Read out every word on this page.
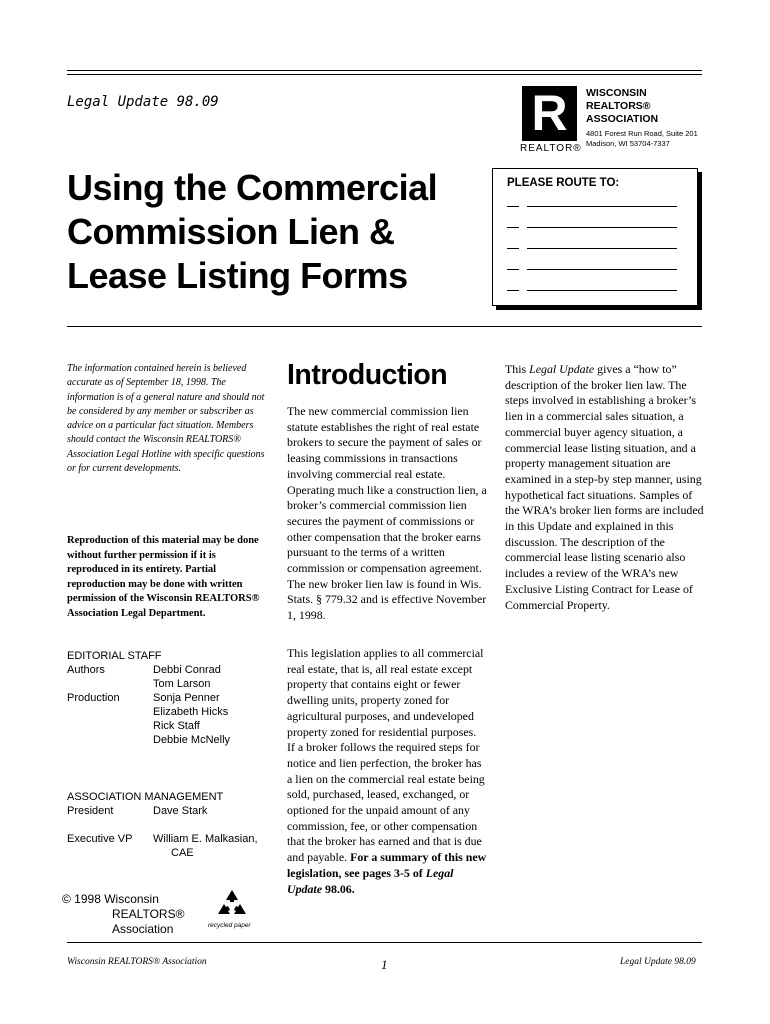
Legal Update 98.09	R
REALTOR®
WISCONSIN
REALTORS®
ASSOCIATION
4801 Forest Run Road, Suite 201
Madison, WI 53704-7337
Using the Commercial
Commission Lien &
Lease Listing Forms
PLEASE ROUTE TO:
The information contained herein is believed accurate as of September 18, 1998. The information is of a general nature and should not be considered by any member or subscriber as advice on a particular fact situation. Members should contact the Wisconsin REALTORS® Association Legal Hotline with specific questions or for current developments.
Reproduction of this material may be done without further permission if it is reproduced in its entirety. Partial reproduction may be done with written permission of the Wisconsin REALTORS® Association Legal Department.
EDITORIAL STAFF
Authors	Debbi Conrad
Tom Larson
Production	Sonja Penner
Elizabeth Hicks
Rick Staff
Debbie McNelly
ASSOCIATION MANAGEMENT
President	Dave Stark
Executive VP William E. Malkasian,
CAE
© 1998 Wisconsin
REALTORS®
Association	recycled paper
Introduction
The new commercial commission lien statute establishes the right of real estate brokers to secure the payment of sales or leasing commissions in transactions involving commercial real estate. Operating much like a construction lien, a broker’s commercial commission lien secures the payment of commissions or other compensation that the broker earns pursuant to the terms of a written commission or compensation agreement. The new broker lien law is found in Wis. Stats. § 779.32 and is effective November 1, 1998.
This legislation applies to all commercial real estate, that is, all real estate except property that contains eight or fewer dwelling units, property zoned for agricultural purposes, and undeveloped property zoned for residential purposes. If a broker follows the required steps for notice and lien perfection, the broker has a lien on the commercial real estate being sold, purchased, leased, exchanged, or optioned for the unpaid amount of any commission, fee, or other compensation that the broker has earned and that is due and payable. For a summary of this new legislation, see pages 3-5 of Legal Update 98.06.
This Legal Update gives a “how to” description of the broker lien law. The steps involved in establishing a broker’s lien in a commercial sales situation, a commercial buyer agency situation, a commercial lease listing situation, and a property management situation are examined in a step-by step manner, using hypothetical fact situations. Samples of the WRA’s broker lien forms are included in this Update and explained in this discussion. The description of the commercial lease listing scenario also includes a review of the WRA’s new Exclusive Listing Contract for Lease of Commercial Property.
Wisconsin REALTORS® Association	1	Legal Update 98.09
